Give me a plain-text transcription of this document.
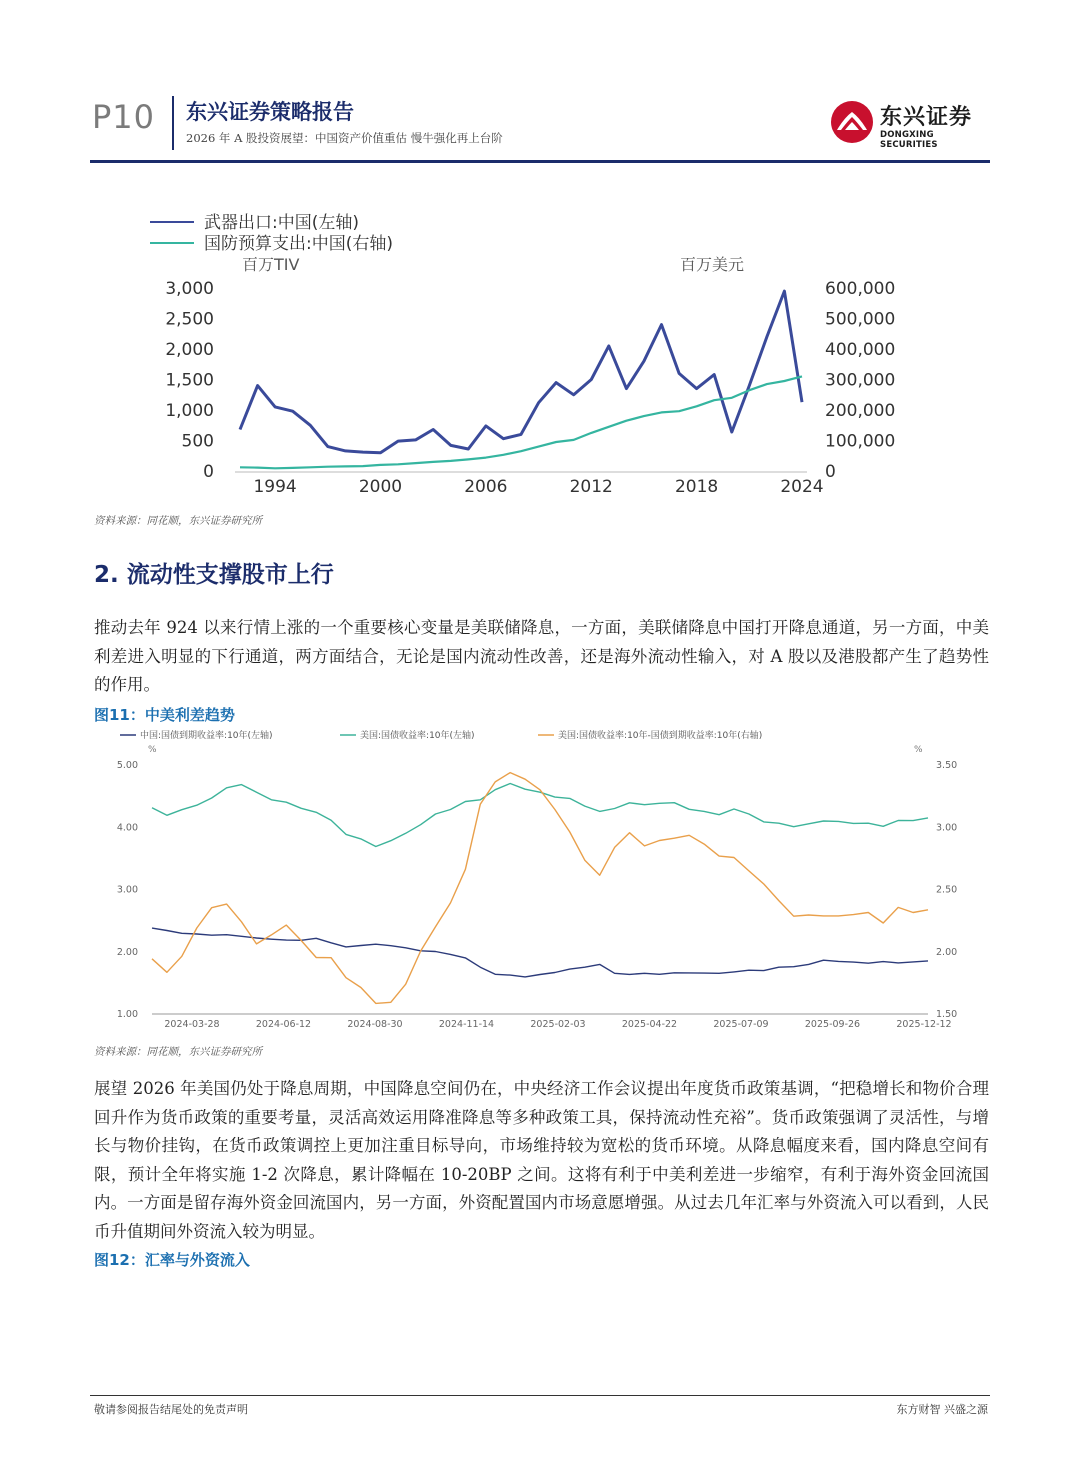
P10 东兴证券策略报告
2026 年 A 股投资展望：中国资产价值重估 慢牛强化再上台阶
东兴证券
DONGXING SECURITIES
武器出口:中国(左轴)
国防预算支出:中国(右轴)
百万TIV	百万美元
0
500
1,000
1,500
2,000
2,500
3,000
0
100,000
200,000
300,000
400,000
500,000
600,000
1994	2000	2006	2012	2018	2024
资料来源：同花顺，东兴证券研究所
2. 流动性支撑股市上行
推动去年 924 以来行情上涨的一个重要核心变量是美联储降息，一方面，美联储降息中国打开降息通道，另一方面，中美利差进入明显的下行通道，两方面结合，无论是国内流动性改善，还是海外流动性输入，对 A 股以及港股都产生了趋势性的作用。
图11：中美利差趋势
中国:国债到期收益率:10年(左轴)	美国:国债收益率:10年(左轴)	美国:国债收益率:10年-国债到期收益率:10年(右轴)
%	%
1.00
2.00
3.00
4.00
5.00
1.50
2.00
2.50
3.00
3.50
2024-03-28	2024-06-12	2024-08-30	2024-11-14	2025-02-03	2025-04-22	2025-07-09	2025-09-26	2025-12-12
资料来源：同花顺，东兴证券研究所
展望 2026 年美国仍处于降息周期，中国降息空间仍在，中央经济工作会议提出年度货币政策基调，“把稳增长和物价合理回升作为货币政策的重要考量，灵活高效运用降准降息等多种政策工具，保持流动性充裕”。货币政策强调了灵活性，与增长与物价挂钩，在货币政策调控上更加注重目标导向，市场维持较为宽松的货币环境。从降息幅度来看，国内降息空间有限，预计全年将实施 1-2 次降息，累计降幅在 10-20BP 之间。这将有利于中美利差进一步缩窄，有利于海外资金回流国内。一方面是留存海外资金回流国内，另一方面，外资配置国内市场意愿增强。从过去几年汇率与外资流入可以看到，人民币升值期间外资流入较为明显。
图12：汇率与外资流入
敬请参阅报告结尾处的免责声明	东方财智 兴盛之源
